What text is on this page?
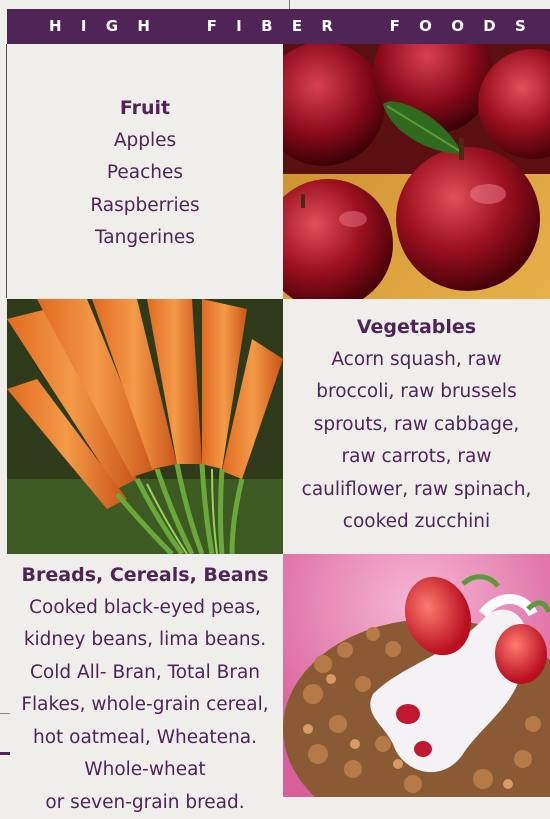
H I G H	F I B E R	F O O D S
Fruit

Apples

Peaches

Raspberries

Tangerines

Vegetables

Acorn squash, raw

broccoli, raw brussels

sprouts, raw cabbage,

raw carrots, raw

cauliflower, raw spinach,

cooked zucchini

Breads, Cereals, Beans

Cooked black-eyed peas,

kidney beans, lima beans.

Cold All- Bran, Total Bran

Flakes, whole-grain cereal,

hot oatmeal, Wheatena.

Whole-wheat

or seven-grain bread.
